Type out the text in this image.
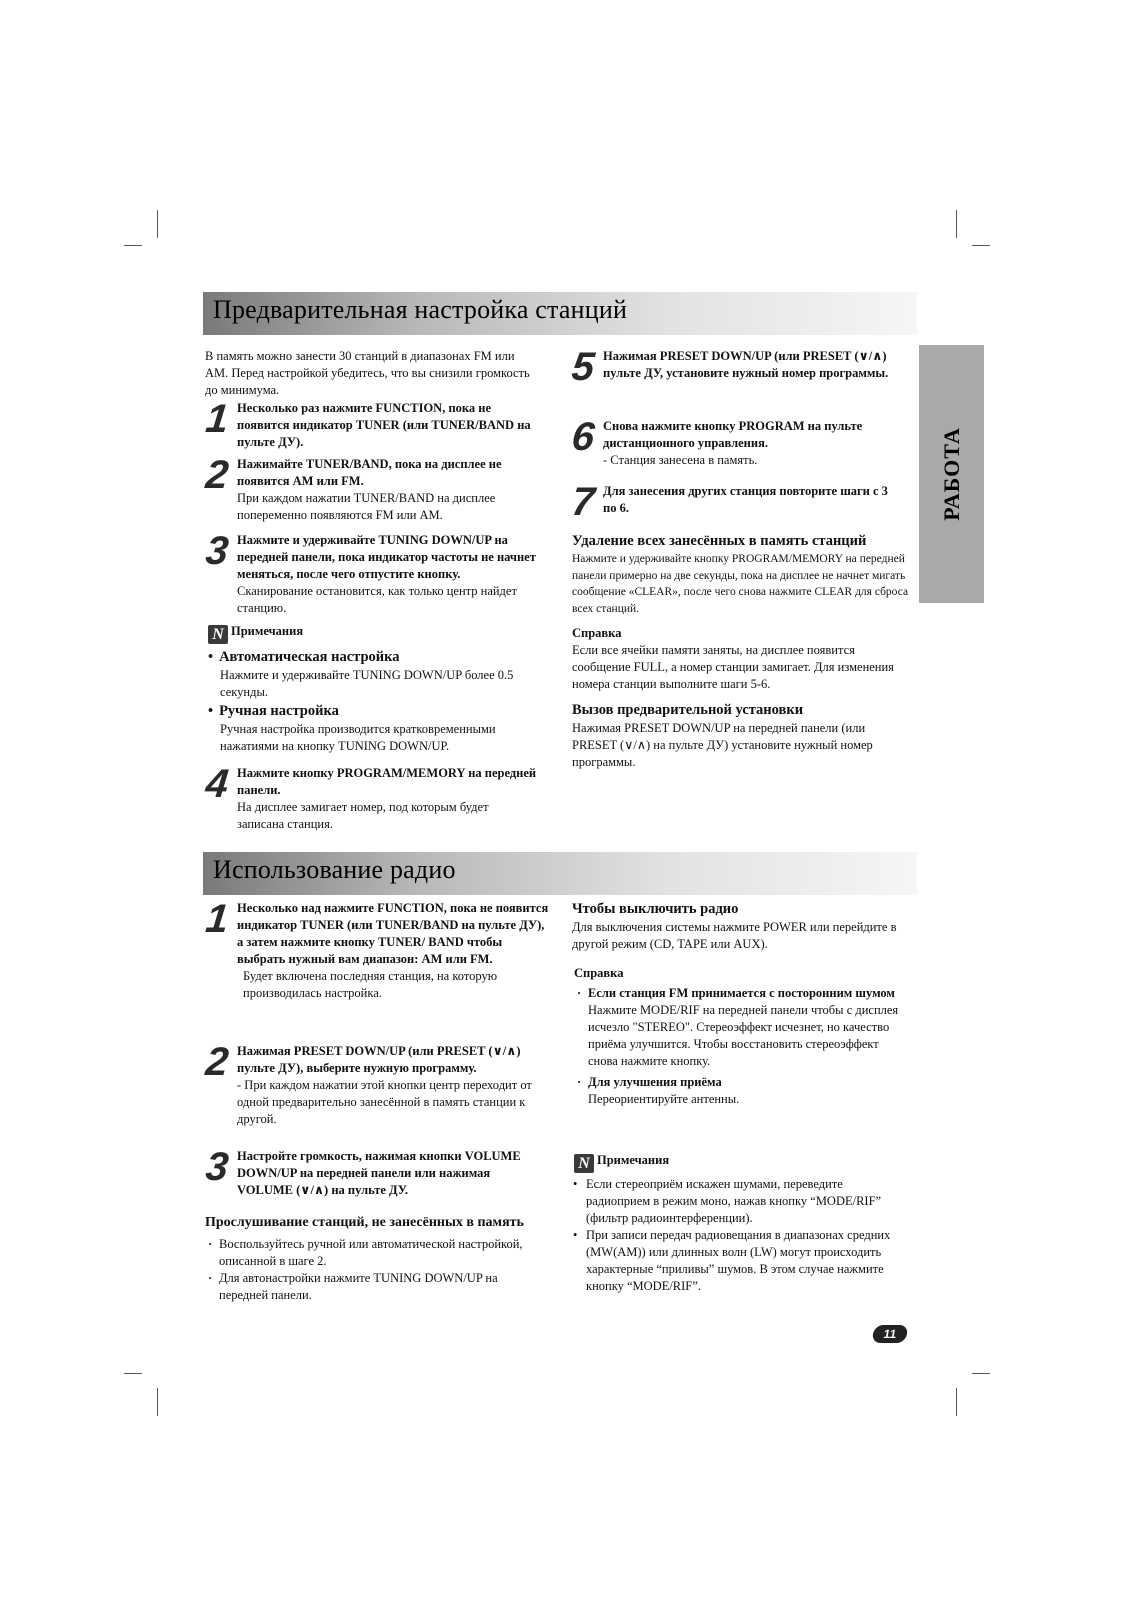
Предварительная настройка станций
РАБОТА
В память можно занести 30 станций в диапазонах FM или AM. Перед настройкой убедитесь, что вы снизили громкость до минимума.
1 Несколько раз нажмите FUNCTION, пока не появится индикатор TUNER (или TUNER/BAND на пульте ДУ).
2 Нажимайте TUNER/BAND, пока на дисплее не появится AM или FM.
При каждом нажатии TUNER/BAND на дисплее попеременно появляются FM или AM.
3 Нажмите и удерживайте TUNING DOWN/UP на передней панели, пока индикатор частоты не начнет меняться, после чего отпустите кнопку.
Сканирование остановится, как только центр найдет станцию.
N Примечания
• Автоматическая настройка
Нажмите и удерживайте TUNING DOWN/UP более 0.5 секунды.
• Ручная настройка
Ручная настройка производится кратковременными нажатиями на кнопку TUNING DOWN/UP.
4 Нажмите кнопку PROGRAM/MEMORY на передней панели.
На дисплее замигает номер, под которым будет записана станция.
5 Нажимая PRESET DOWN/UP (или PRESET (∨/∧) пульте ДУ, установите нужный номер программы.
6 Снова нажмите кнопку PROGRAM на пульте дистанционного управления.
- Станция занесена в память.
7 Для занесения других станция повторите шаги с 3 по 6.
Удаление всех занесённых в память станций
Нажмите и удерживайте кнопку PROGRAM/MEMORY на передней панели примерно на две секунды, пока на дисплее не начнет мигать сообщение «CLEAR», после чего снова нажмите CLEAR для сброса всех станций.
Справка
Если все ячейки памяти заняты, на дисплее появится сообщение FULL, а номер станции замигает. Для изменения номера станции выполните шаги 5-6.
Вызов предварительной установки
Нажимая PRESET DOWN/UP на передней панели (или PRESET (∨/∧) на пульте ДУ) установите нужный номер программы.
Использование радио
1 Несколько над нажмите FUNCTION, пока не появится индикатор TUNER (или TUNER/BAND на пульте ДУ), а затем нажмите кнопку TUNER/ BAND чтобы выбрать нужный вам диапазон: AM или FM.
Будет включена последняя станция, на которую производилась настройка.
2 Нажимая PRESET DOWN/UP (или PRESET (∨/∧) пульте ДУ), выберите нужную программу.
- При каждом нажатии этой кнопки центр переходит от одной предварительно занесённой в память станции к другой.
3 Настройте громкость, нажимая кнопки VOLUME DOWN/UP на передней панели или нажимая VOLUME (∨/∧) на пульте ДУ.
Прослушивание станций, не занесённых в память
· Воспользуйтесь ручной или автоматической настройкой, описанной в шаге 2.
· Для автонастройки нажмите TUNING DOWN/UP на передней панели.
Чтобы выключить радио
Для выключения системы нажмите POWER или перейдите в другой режим (CD, TAPE или AUX).
Справка
· Если станция FM принимается с посторонним шумом
Нажмите MODE/RIF на передней панели чтобы с дисплея исчезло "STEREO". Стереоэффект исчезнет, но качество приёма улучшится. Чтобы восстановить стереоэффект снова нажмите кнопку.
· Для улучшения приёма
Переориентируйте антенны.
N Примечания
• Если стереоприём искажен шумами, переведите радиоприем в режим моно, нажав кнопку “MODE/RIF” (фильтр радиоинтерференции).
• При записи передач радиовещания в диапазонах средних (MW(AM)) или длинных волн (LW) могут происходить характерные “приливы” шумов. В этом случае нажмите кнопку “MODE/RIF”.
11
